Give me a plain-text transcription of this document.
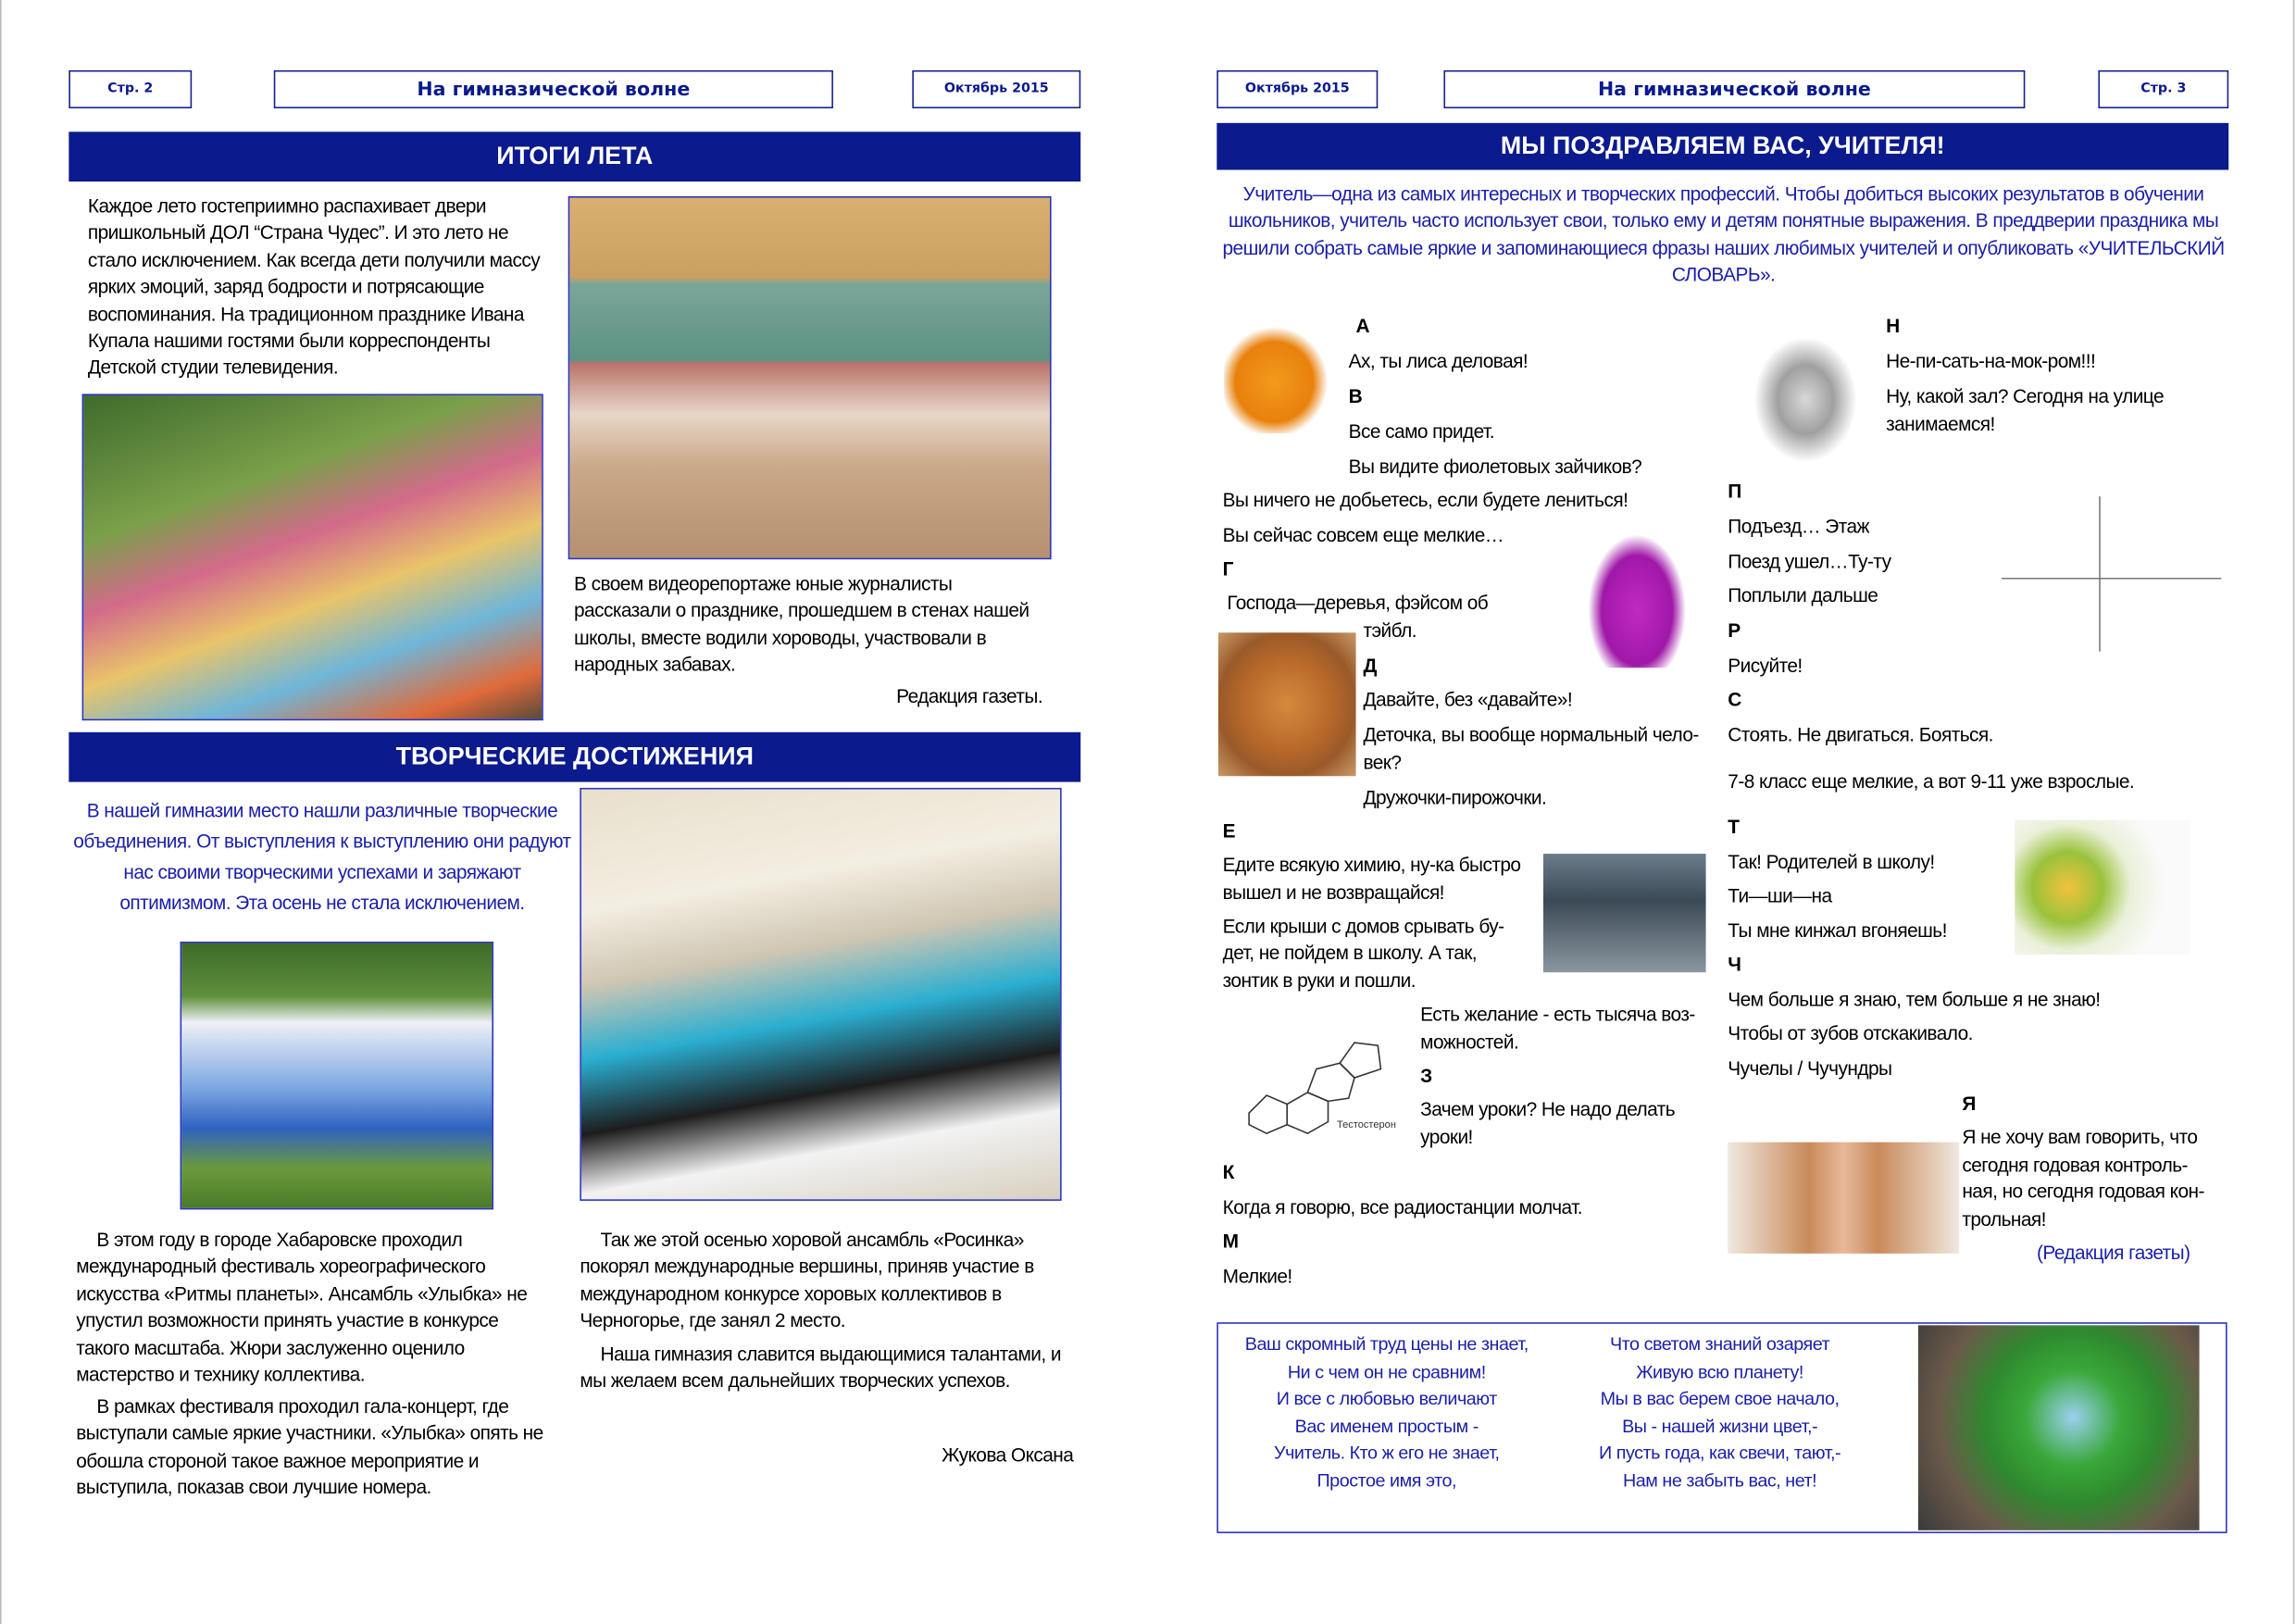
Стр. 2	На гимназической волне	Октябрь 2015
ИТОГИ ЛЕТА

Каждое лето гостеприимно распахивает двери пришкольный ДОЛ “Страна Чудес”. И это лето не стало исключением. Как всегда дети получили массу ярких эмоций, заряд бодрости и потрясающие воспоминания. На традиционном празднике Ивана Купала нашими гостями были корреспонденты Детской студии телевидения.

В своем видеорепортаже юные журналисты рассказали о празднике, прошедшем в стенах нашей школы, вместе водили хороводы, участвовали в народных забавах.

Редакция газеты.
ТВОРЧЕСКИЕ ДОСТИЖЕНИЯ

В нашей гимназии место нашли различные творческие объединения. От выступления к выступлению они радуют нас своими творческими успехами и заряжают оптимизмом. Эта осень не стала исключением.

В этом году в городе Хабаровске проходил международный фестиваль хореографического искусства «Ритмы планеты». Ансамбль «Улыбка» не упустил возможности принять участие в конкурсе такого масштаба. Жюри заслуженно оценило мастерство и технику коллектива.

В рамках фестиваля проходил гала-концерт, где выступали самые яркие участники. «Улыбка» опять не обошла стороной такое важное мероприятие и выступила, показав свои лучшие номера.

Так же этой осенью хоровой ансамбль «Росинка» покорял международные вершины, приняв участие в международном конкурсе хоровых коллективов в Черногорье, где занял 2 место.

Наша гимназия славится выдающимися талантами, и мы желаем всем дальнейших творческих успехов.

Жукова Оксана
Октябрь 2015	На гимназической волне	Стр. 3
МЫ ПОЗДРАВЛЯЕМ ВАС, УЧИТЕЛЯ!

Учитель—одна из самых интересных и творческих профессий. Чтобы добиться высоких результатов в обучении школьников, учитель часто использует свои, только ему и детям понятные выражения. В преддверии праздника мы решили собрать самые яркие и запоминающиеся фразы наших любимых учителей и опубликовать «УЧИТЕЛЬСКИЙ СЛОВАРЬ».

Тестостерон
А
Ах, ты лиса деловая!
В
Все само придет.
Вы видите фиолетовых зайчиков?
Вы ничего не добьетесь, если будете лениться!
Вы сейчас совсем еще мелкие…
Г
Господа—деревья, фэйсом об
тэйбл.
Д
Давайте, без «давайте»!
Деточка, вы вообще нормальный чело-
век?
Дружочки-пирожочки.
Е
Едите всякую химию, ну-ка быстро
вышел и не возвращайся!
Если крыши с домов срывать бу-
дет, не пойдем в школу. А так,
зонтик в руки и пошли.
Есть желание - есть тысяча воз-
можностей.
З
Зачем уроки? Не надо делать
уроки!
К
Когда я говорю, все радиостанции молчат.
М
Мелкие!
Н
Не-пи-сать-на-мок-ром!!!
Ну, какой зал? Сегодня на улице
занимаемся!
П
Подъезд… Этаж
Поезд ушел…Ту-ту
Поплыли дальше
Р
Рисуйте!
С
Стоять. Не двигаться. Бояться.
7-8 класс еще мелкие, а вот 9-11 уже взрослые.
Т
Так! Родителей в школу!
Ти—ши—на
Ты мне кинжал вгоняешь!
Ч
Чем больше я знаю, тем больше я не знаю!
Чтобы от зубов отскакивало.
Чучелы / Чучундры
Я
Я не хочу вам говорить, что
сегодня годовая контроль-
ная, но сегодня годовая кон-
трольная!
(Редакция газеты)
Ваш скромный труд цены не знает,
Ни с чем он не сравним!
И все с любовью величают
Вас именем простым -
Учитель. Кто ж его не знает,
Простое имя это,
Что светом знаний озаряет
Живую всю планету!
Мы в вас берем свое начало,
Вы - нашей жизни цвет,-
И пусть года, как свечи, тают,-
Нам не забыть вас, нет!
